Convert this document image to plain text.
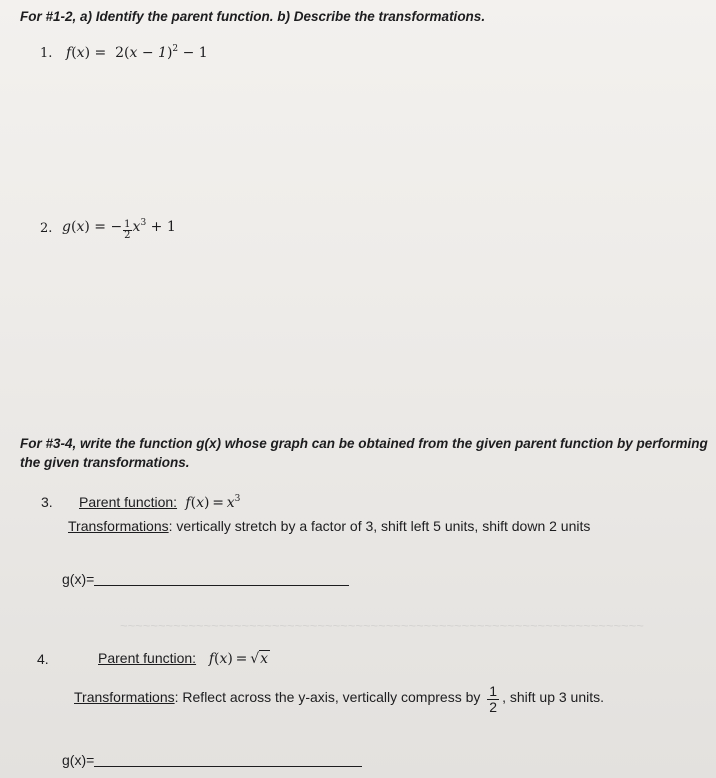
For #1-2, a) Identify the parent function. b) Describe the transformations.
1. $f(x) = 2(x - 1)^2 - 1$
2. g(x) = − $\frac{1}{2} x^3 + 1$
For #3-4, write the function g(x) whose graph can be obtained from the given parent function by performing
the given transformations.
3. Parent function: $f(x) = x^3$
Transformations: vertically stretch by a factor of 3, shift left 5 units, shift down 2 units
g(x)=
~~~~~~~~~~~~~~~~~~~~~~~~~~~~~~~~~~~~~~~~~~~~~~~~~~~~~~~~~~~~~~~~~~~~~
4.	Parent function: f(x) = √x
Transformations: Reflect across the y-axis, vertically compress by $\frac{1}{2}$ , shift up 3 units.
g(x)=
